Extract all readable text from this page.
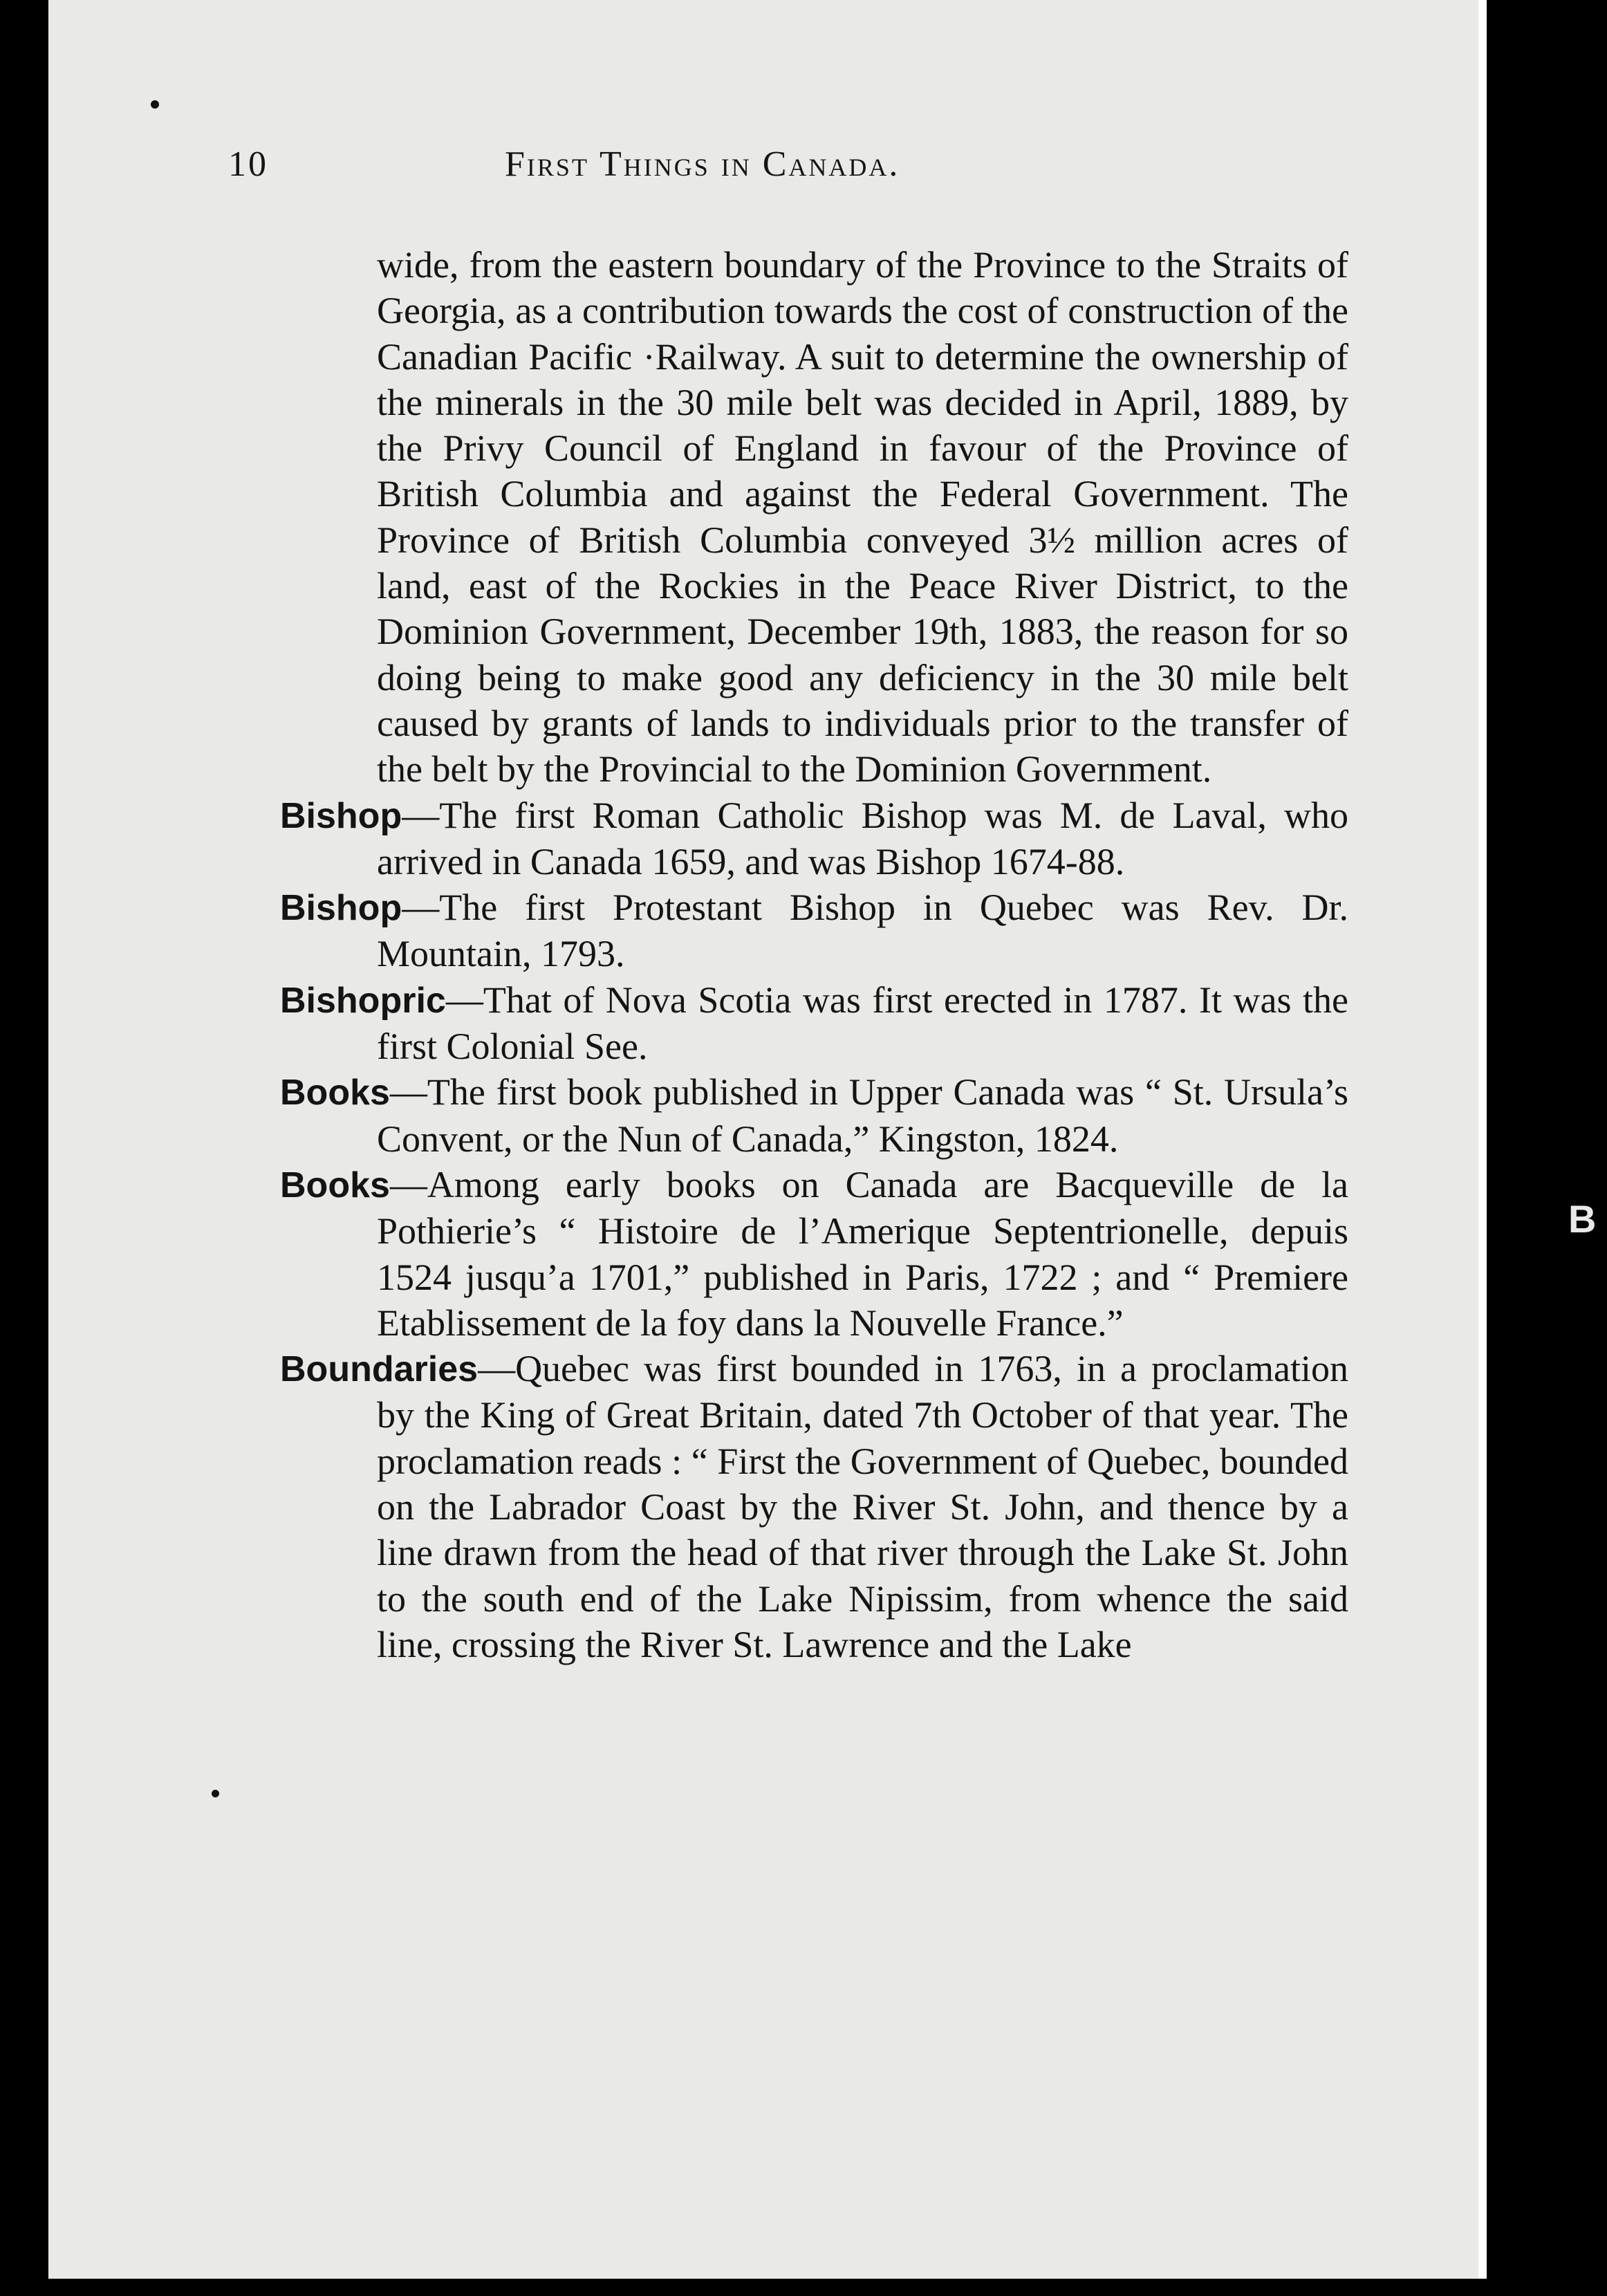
B
10	First Things in Canada.

wide, from the eastern boundary of the Province to the Straits of Georgia, as a contribution towards the cost of construction of the Canadian Pacific ·Railway. A suit to determine the ownership of the minerals in the 30 mile belt was decided in April, 1889, by the Privy Council of England in favour of the Province of British Columbia and against the Federal Government. The Province of British Columbia conveyed 3½ million acres of land, east of the Rockies in the Peace River District, to the Dominion Government, December 19th, 1883, the reason for so doing being to make good any deficiency in the 30 mile belt caused by grants of lands to individuals prior to the transfer of the belt by the Provincial to the Dominion Government.

Bishop—The first Roman Catholic Bishop was M. de Laval, who arrived in Canada 1659, and was Bishop 1674-88.

Bishop—The first Protestant Bishop in Quebec was Rev. Dr. Mountain, 1793.

Bishopric—That of Nova Scotia was first erected in 1787. It was the first Colonial See.

Books—The first book published in Upper Canada was “ St. Ursula’s Convent, or the Nun of Canada,” Kingston, 1824.

Books—Among early books on Canada are Bacqueville de la Pothierie’s “ Histoire de l’Amerique Septentrionelle, depuis 1524 jusqu’a 1701,” published in Paris, 1722 ; and “ Premiere Etablissement de la foy dans la Nouvelle France.”

Boundaries—Quebec was first bounded in 1763, in a proclamation by the King of Great Britain, dated 7th October of that year. The proclamation reads : “ First the Government of Quebec, bounded on the Labrador Coast by the River St. John, and thence by a line drawn from the head of that river through the Lake St. John to the south end of the Lake Nipissim, from whence the said line, crossing the River St. Lawrence and the Lake
